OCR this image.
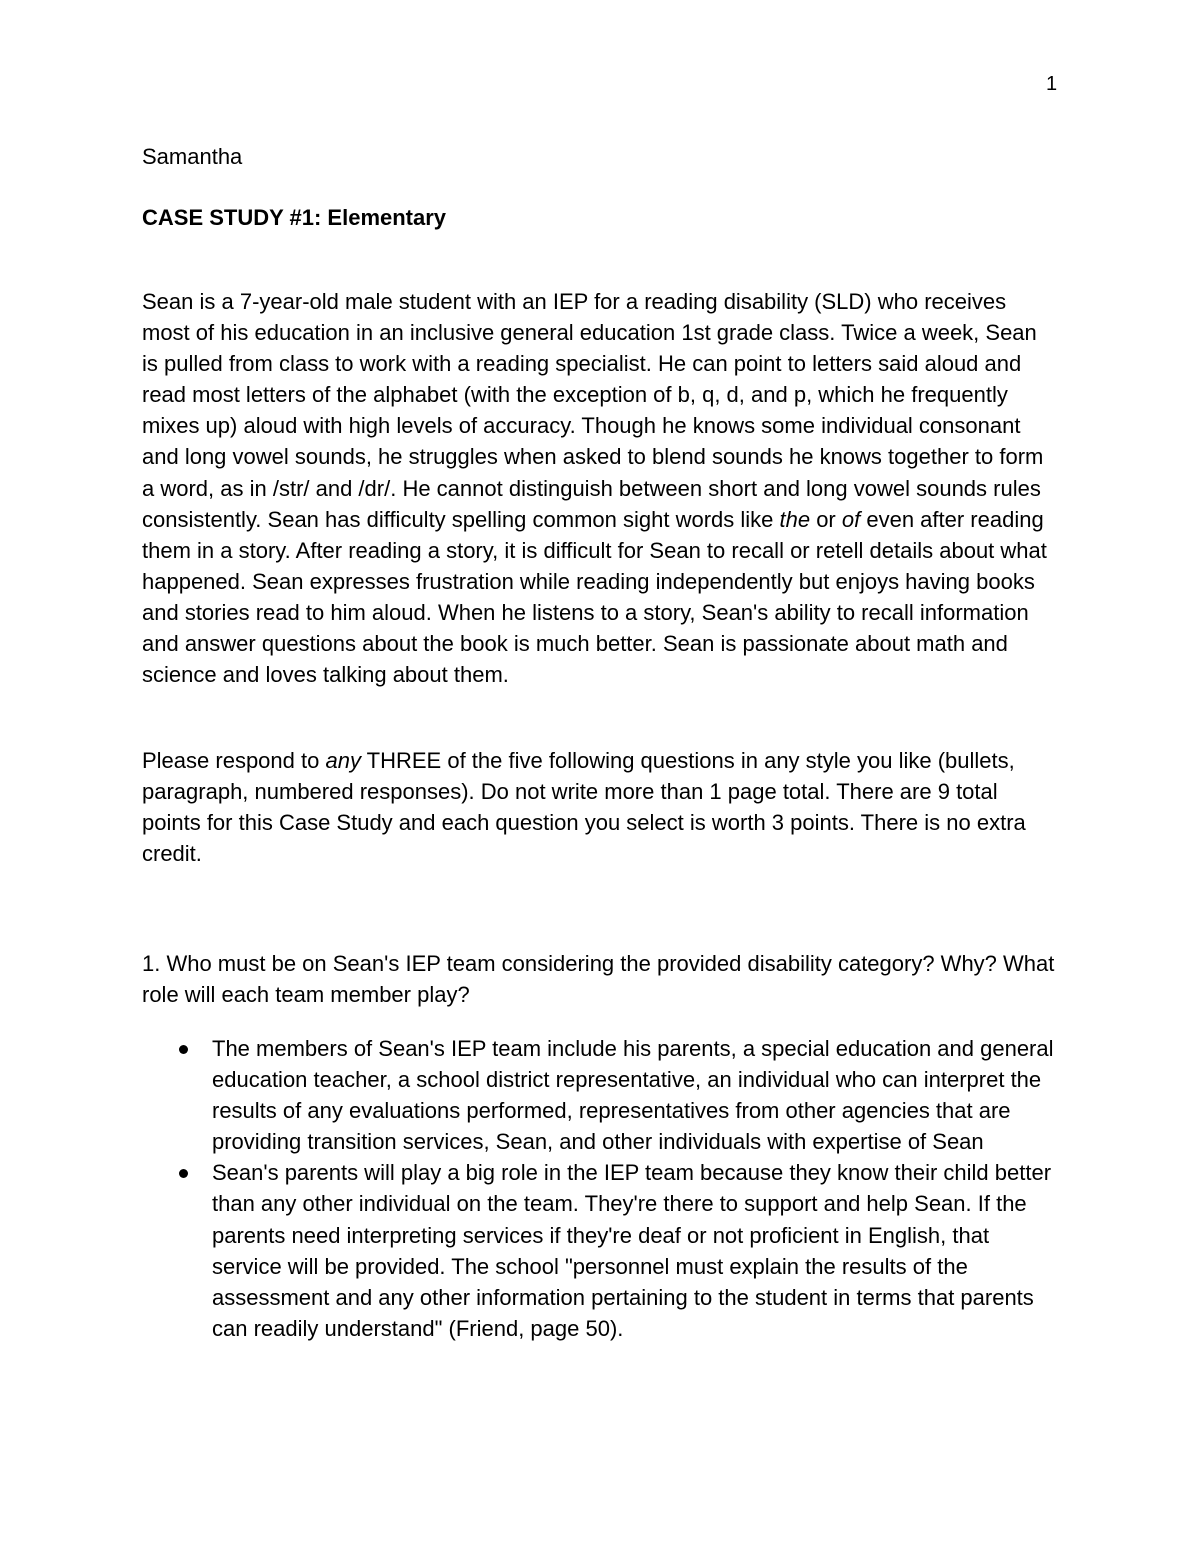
1
Samantha
CASE STUDY #1: Elementary

Sean is a 7-year-old male student with an IEP for a reading disability (SLD) who receives most of his education in an inclusive general education 1st grade class. Twice a week, Sean is pulled from class to work with a reading specialist. He can point to letters said aloud and read most letters of the alphabet (with the exception of b, q, d, and p, which he frequently mixes up) aloud with high levels of accuracy. Though he knows some individual consonant and long vowel sounds, he struggles when asked to blend sounds he knows together to form a word, as in /str/ and /dr/. He cannot distinguish between short and long vowel sounds rules consistently. Sean has difficulty spelling common sight words like the or of even after reading them in a story. After reading a story, it is difficult for Sean to recall or retell details about what happened. Sean expresses frustration while reading independently but enjoys having books and stories read to him aloud. When he listens to a story, Sean's ability to recall information and answer questions about the book is much better. Sean is passionate about math and science and loves talking about them.

Please respond to any THREE of the five following questions in any style you like (bullets, paragraph, numbered responses). Do not write more than 1 page total. There are 9 total points for this Case Study and each question you select is worth 3 points. There is no extra credit.

1. Who must be on Sean's IEP team considering the provided disability category? Why? What role will each team member play?

The members of Sean's IEP team include his parents, a special education and general education teacher, a school district representative, an individual who can interpret the results of any evaluations performed, representatives from other agencies that are providing transition services, Sean, and other individuals with expertise of Sean
Sean's parents will play a big role in the IEP team because they know their child better than any other individual on the team. They're there to support and help Sean. If the parents need interpreting services if they're deaf or not proficient in English, that service will be provided. The school "personnel must explain the results of the assessment and any other information pertaining to the student in terms that parents can readily understand" (Friend, page 50).
